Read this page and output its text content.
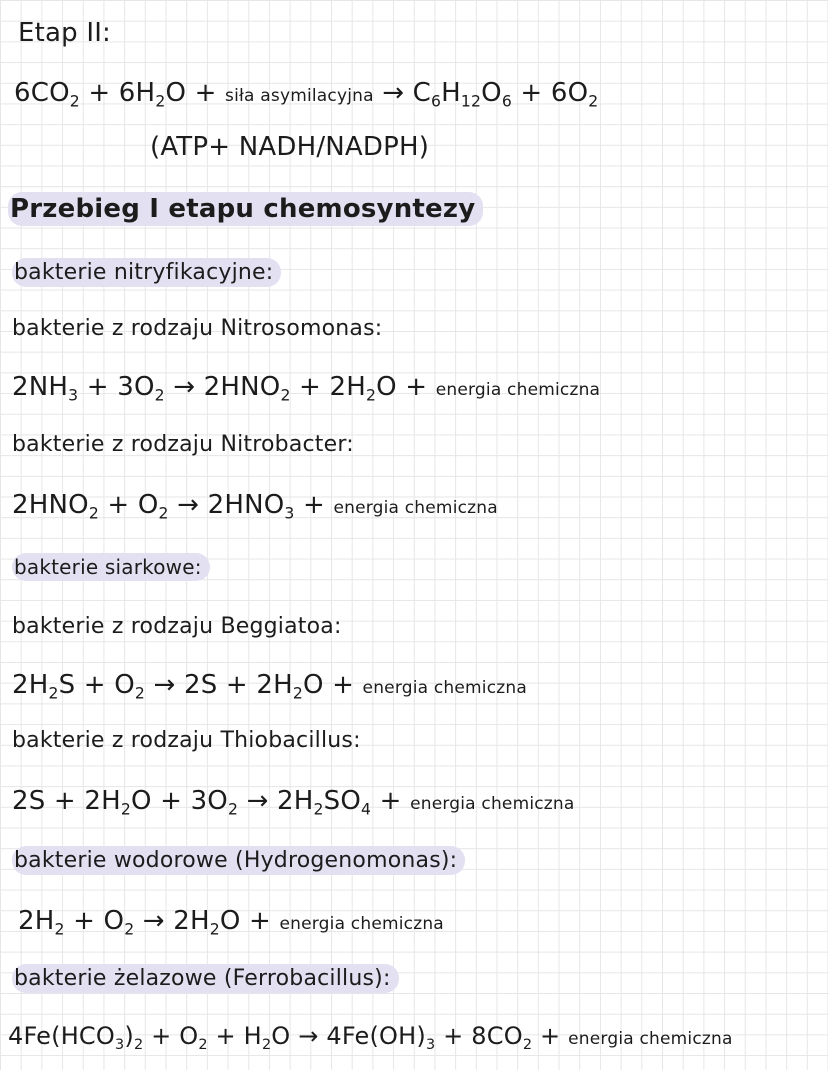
Etap II:
$6CO_2 + 6H_2O$ + siła asymilacyjna → $C_6H_{12}O_6 + 6O_2$
(ATP+ NADH/NADPH)
Przebieg I etapu chemosyntezy
bakterie nitryfikacyjne:
bakterie z rodzaju Nitrosomonas:
$2NH_3 + 3O_2 \to 2HNO_2 + 2H_2O$ + energia chemiczna
bakterie z rodzaju Nitrobacter:
$2HNO_2 + O_2 \to 2HNO_3$ + energia chemiczna
bakterie siarkowe:
bakterie z rodzaju Beggiatoa:
$2H_2S + O_2 \to 2S + 2H_2O$ + energia chemiczna
bakterie z rodzaju Thiobacillus:
$2S + 2H_2O + 3O_2 \to 2H_2SO_4$ + energia chemiczna
bakterie wodorowe (Hydrogenomonas):
$2H_2 + O_2 \to 2H_2O$ + energia chemiczna
bakterie żelazowe (Ferrobacillus):
$4Fe(HCO_3)_2 + O_2 + H_2O \to 4Fe(OH)_3 + 8CO_2$ + energia chemiczna
